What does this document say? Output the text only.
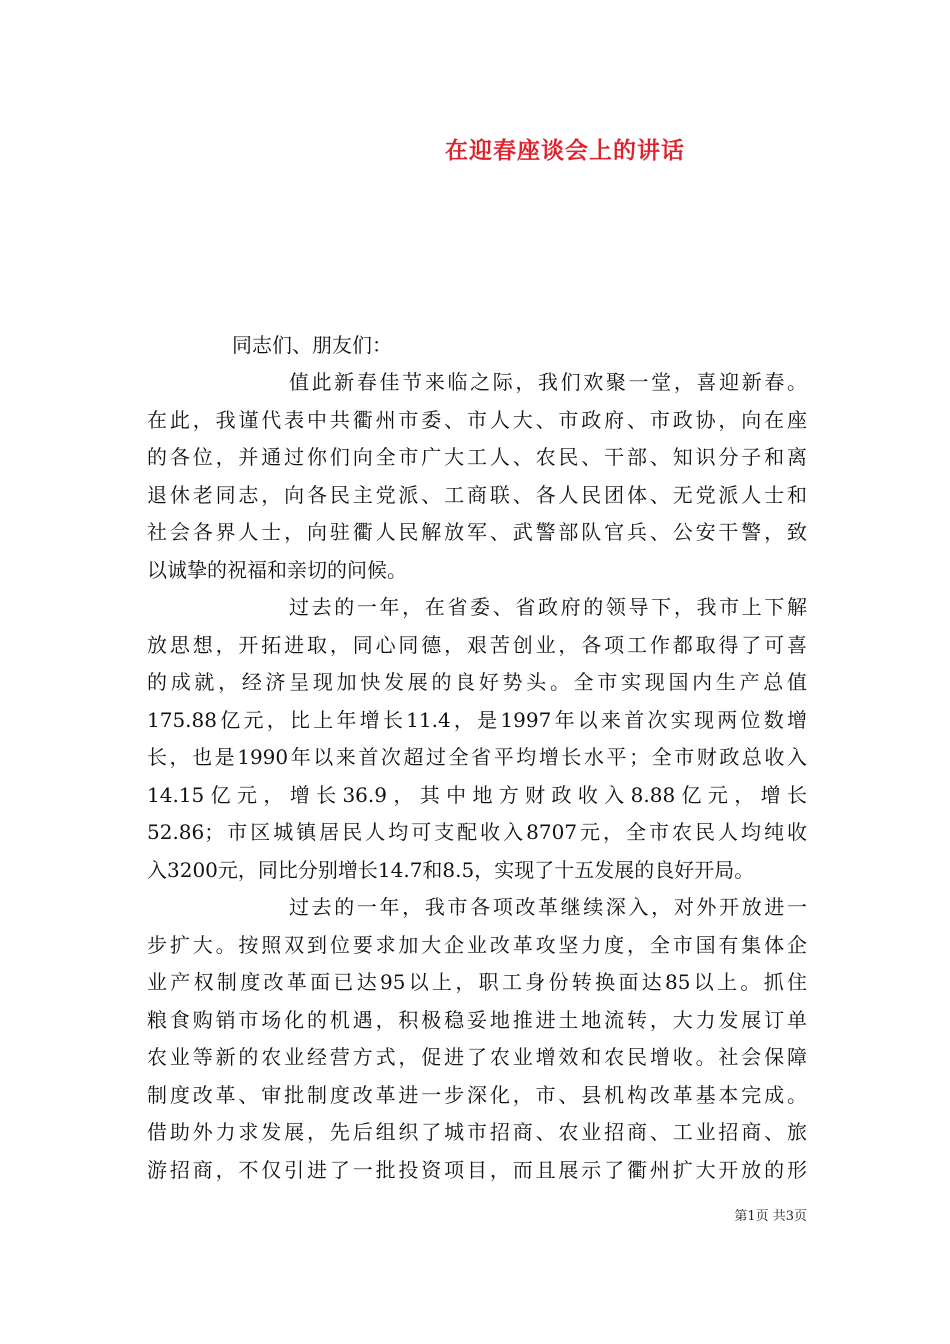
在迎春座谈会上的讲话
同志们、朋友们：
值此新春佳节来临之际，我们欢聚一堂，喜迎新春。
在此，我谨代表中共衢州市委、市人大、市政府、市政协，向在座
的各位，并通过你们向全市广大工人、农民、干部、知识分子和离
退休老同志，向各民主党派、工商联、各人民团体、无党派人士和
社会各界人士，向驻衢人民解放军、武警部队官兵、公安干警，致
以诚挚的祝福和亲切的问候。
过去的一年，在省委、省政府的领导下，我市上下解
放思想，开拓进取，同心同德，艰苦创业，各项工作都取得了可喜
的成就，经济呈现加快发展的良好势头。全市实现国内生产总值
175.88亿元，比上年增长11.4，是1997年以来首次实现两位数增
长，也是1990年以来首次超过全省平均增长水平；全市财政总收入
14.15亿元，增长36.9，其中地方财政收入8.88亿元，增长
52.86；市区城镇居民人均可支配收入8707元，全市农民人均纯收
入3200元，同比分别增长14.7和8.5，实现了十五发展的良好开局。
过去的一年，我市各项改革继续深入，对外开放进一
步扩大。按照双到位要求加大企业改革攻坚力度，全市国有集体企
业产权制度改革面已达95以上，职工身份转换面达85以上。抓住
粮食购销市场化的机遇，积极稳妥地推进土地流转，大力发展订单
农业等新的农业经营方式，促进了农业增效和农民增收。社会保障
制度改革、审批制度改革进一步深化，市、县机构改革基本完成。
借助外力求发展，先后组织了城市招商、农业招商、工业招商、旅
游招商，不仅引进了一批投资项目，而且展示了衢州扩大开放的形
第1页 共3页
